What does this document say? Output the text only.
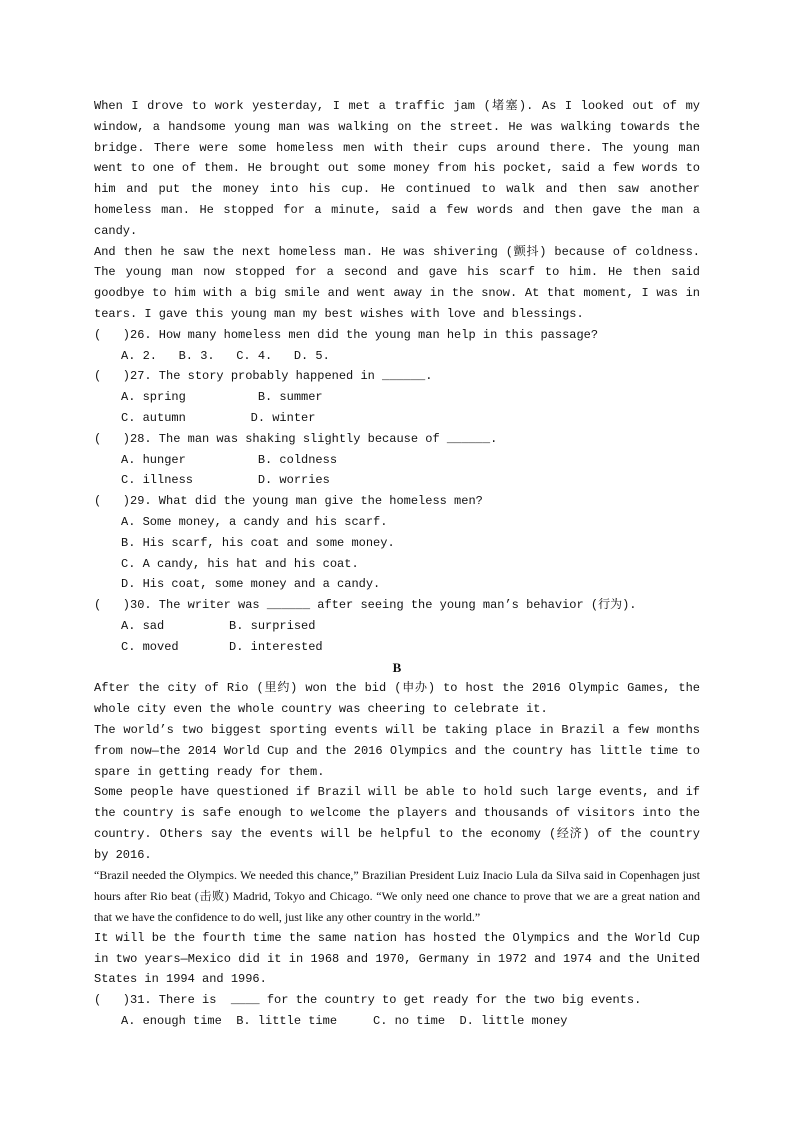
When I drove to work yesterday, I met a traffic jam (堵塞). As I looked out of my window, a handsome young man was walking on the street. He was walking towards the bridge. There were some homeless men with their cups around there. The young man went to one of them. He brought out some money from his pocket, said a few words to him and put the money into his cup. He continued to walk and then saw another homeless man. He stopped for a minute, said a few words and then gave the man a candy.

And then he saw the next homeless man. He was shivering (颤抖) because of coldness. The young man now stopped for a second and gave his scarf to him. He then said goodbye to him with a big smile and went away in the snow. At that moment, I was in tears. I gave this young man my best wishes with love and blessings.

(   )26. How many homeless men did the young man help in this passage?
A. 2.   B. 3.   C. 4.   D. 5.
(   )27. The story probably happened in ______.
A. spring          B. summer
C. autumn         D. winter
(   )28. The man was shaking slightly because of ______.
A. hunger          B. coldness
C. illness         D. worries
(   )29. What did the young man give the homeless men?
A. Some money, a candy and his scarf.
B. His scarf, his coat and some money.
C. A candy, his hat and his coat.
D. His coat, some money and a candy.
(   )30. The writer was ______ after seeing the young man’s behavior (行为).
A. sad         B. surprised
C. moved       D. interested
B

After the city of Rio (里约) won the bid (申办) to host the 2016 Olympic Games, the whole city even the whole country was cheering to celebrate it.

The world’s two biggest sporting events will be taking place in Brazil a few months from now—the 2014 World Cup and the 2016 Olympics and the country has little time to spare in getting ready for them.

Some people have questioned if Brazil will be able to hold such large events, and if the country is safe enough to welcome the players and thousands of visitors into the country. Others say the events will be helpful to the economy (经济) of the country by 2016.

“Brazil needed the Olympics. We needed this chance,” Brazilian President Luiz Inacio Lula da Silva said in Copenhagen just hours after Rio beat (击败) Madrid, Tokyo and Chicago. “We only need one chance to prove that we are a great nation and that we have the confidence to do well, just like any other country in the world.”

It will be the fourth time the same nation has hosted the Olympics and the World Cup in two years—Mexico did it in 1968 and 1970, Germany in 1972 and 1974 and the United States in 1994 and 1996.

(   )31. There is  ____ for the country to get ready for the two big events.
A. enough time  B. little time     C. no time  D. little money
